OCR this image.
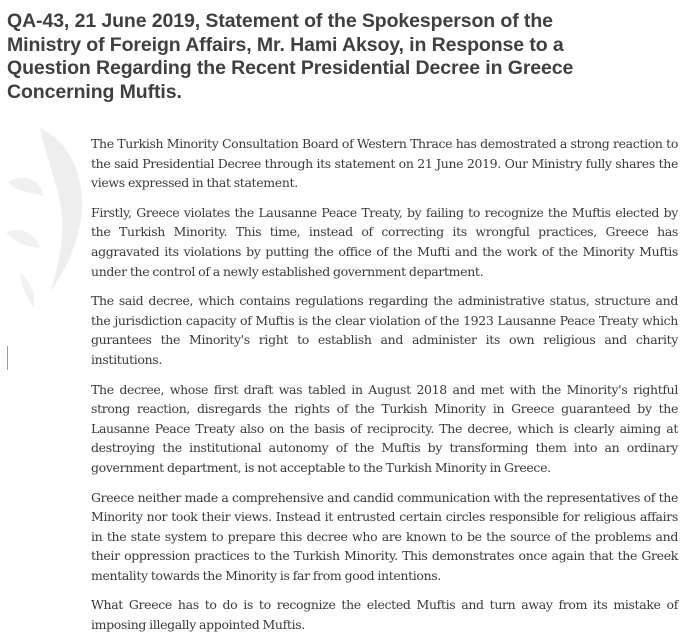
QA-43, 21 June 2019, Statement of the Spokesperson of the Ministry of Foreign Affairs, Mr. Hami Aksoy, in Response to a Question Regarding the Recent Presidential Decree in Greece Concerning Muftis.

The Turkish Minority Consultation Board of Western Thrace has demostrated a strong reaction to the said Presidential Decree through its statement on 21 June 2019. Our Ministry fully shares the views expressed in that statement.

Firstly, Greece violates the Lausanne Peace Treaty, by failing to recognize the Muftis elected by the Turkish Minority. This time, instead of correcting its wrongful practices, Greece has aggravated its violations by putting the office of the Mufti and the work of the Minority Muftis under the control of a newly established government department.

The said decree, which contains regulations regarding the administrative status, structure and the jurisdiction capacity of Muftis is the clear violation of the 1923 Lausanne Peace Treaty which gurantees the Minority's right to establish and administer its own religious and charity institutions.

The decree, whose first draft was tabled in August 2018 and met with the Minority's rightful strong reaction, disregards the rights of the Turkish Minority in Greece guaranteed by the Lausanne Peace Treaty also on the basis of reciprocity. The decree, which is clearly aiming at destroying the institutional autonomy of the Muftis by transforming them into an ordinary government department, is not acceptable to the Turkish Minority in Greece.

Greece neither made a comprehensive and candid communication with the representatives of the Minority nor took their views. Instead it entrusted certain circles responsible for religious affairs in the state system to prepare this decree who are known to be the source of the problems and their oppression practices to the Turkish Minority. This demonstrates once again that the Greek mentality towards the Minority is far from good intentions.

What Greece has to do is to recognize the elected Muftis and turn away from its mistake of imposing illegally appointed Muftis.
